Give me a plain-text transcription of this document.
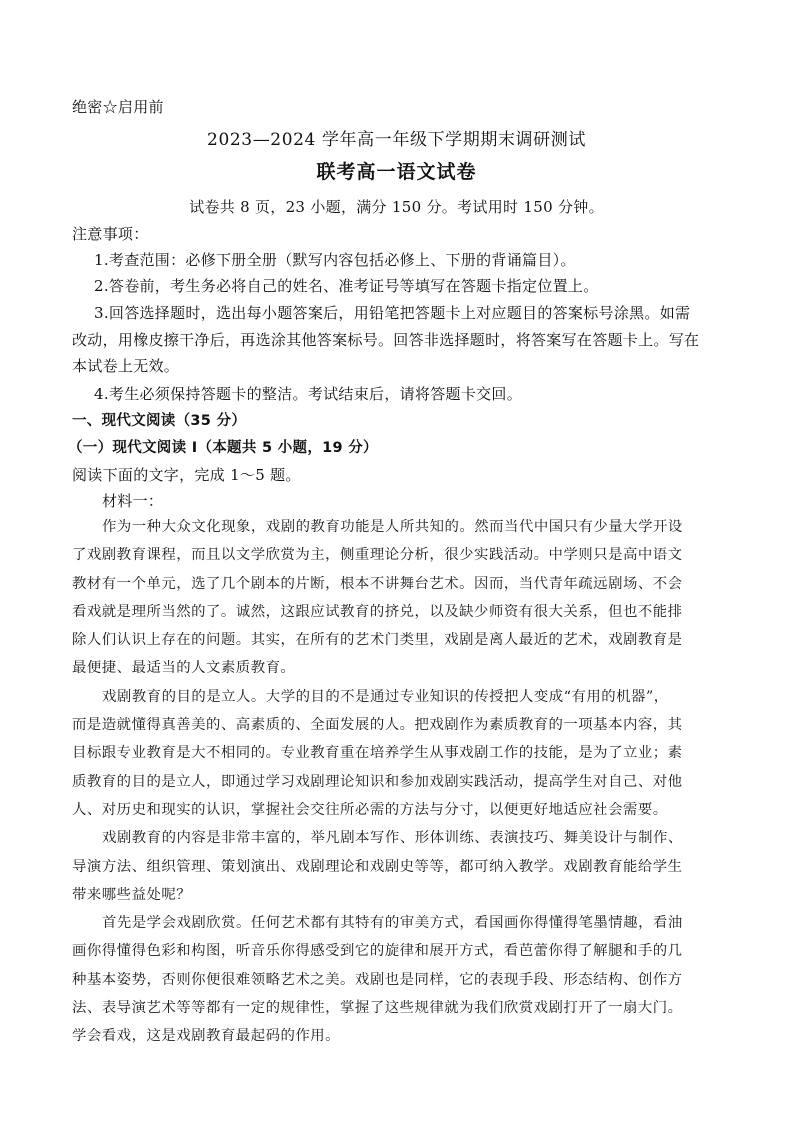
绝密☆启用前
2023—2024 学年高一年级下学期期末调研测试
联考高一语文试卷
试卷共 8 页，23 小题，满分 150 分。考试用时 150 分钟。
注意事项：
1.考查范围：必修下册全册（默写内容包括必修上、下册的背诵篇目）。
2.答卷前，考生务必将自己的姓名、准考证号等填写在答题卡指定位置上。
3.回答选择题时，选出每小题答案后，用铅笔把答题卡上对应题目的答案标号涂黑。如需
改动，用橡皮擦干净后，再选涂其他答案标号。回答非选择题时，将答案写在答题卡上。写在
本试卷上无效。
4.考生必须保持答题卡的整洁。考试结束后，请将答题卡交回。
一、现代文阅读（35 分）
（一）现代文阅读 I（本题共 5 小题，19 分）
阅读下面的文字，完成 1～5 题。
材料一：

作为一种大众文化现象，戏剧的教育功能是人所共知的。然而当代中国只有少量大学开设
了戏剧教育课程，而且以文学欣赏为主，侧重理论分析，很少实践活动。中学则只是高中语文
教材有一个单元，选了几个剧本的片断，根本不讲舞台艺术。因而，当代青年疏远剧场、不会
看戏就是理所当然的了。诚然，这跟应试教育的挤兑，以及缺少师资有很大关系，但也不能排
除人们认识上存在的问题。其实，在所有的艺术门类里，戏剧是离人最近的艺术，戏剧教育是
最便捷、最适当的人文素质教育。

戏剧教育的目的是立人。大学的目的不是通过专业知识的传授把人变成“有用的机器”，
而是造就懂得真善美的、高素质的、全面发展的人。把戏剧作为素质教育的一项基本内容，其
目标跟专业教育是大不相同的。专业教育重在培养学生从事戏剧工作的技能，是为了立业；素
质教育的目的是立人，即通过学习戏剧理论知识和参加戏剧实践活动，提高学生对自己、对他
人、对历史和现实的认识，掌握社会交往所必需的方法与分寸，以便更好地适应社会需要。

戏剧教育的内容是非常丰富的，举凡剧本写作、形体训练、表演技巧、舞美设计与制作、
导演方法、组织管理、策划演出、戏剧理论和戏剧史等等，都可纳入教学。戏剧教育能给学生
带来哪些益处呢？

首先是学会戏剧欣赏。任何艺术都有其特有的审美方式，看国画你得懂得笔墨情趣，看油
画你得懂得色彩和构图，听音乐你得感受到它的旋律和展开方式，看芭蕾你得了解腿和手的几
种基本姿势，否则你便很难领略艺术之美。戏剧也是同样，它的表现手段、形态结构、创作方
法、表导演艺术等等都有一定的规律性，掌握了这些规律就为我们欣赏戏剧打开了一扇大门。
学会看戏，这是戏剧教育最起码的作用。
